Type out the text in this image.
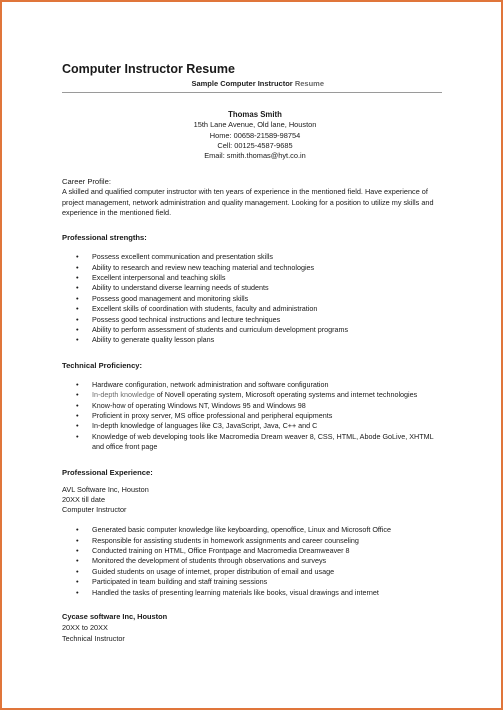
Computer Instructor Resume
Sample Computer Instructor Resume
Thomas Smith
15th Lane Avenue, Old lane, Houston
Home: 00658-21589-98754
Cell: 00125-4587-9685
Email: smith.thomas@hyt.co.in
Career Profile:
A skilled and qualified computer instructor with ten years of experience in the mentioned field. Have experience of project management, network administration and quality management. Looking for a position to utilize my skills and experience in the mentioned field.
Professional strengths:
• Possess excellent communication and presentation skills
• Ability to research and review new teaching material and technologies
• Excellent interpersonal and teaching skills
• Ability to understand diverse learning needs of students
• Possess good management and monitoring skills
• Excellent skills of coordination with students, faculty and administration
• Possess good technical instructions and lecture techniques
• Ability to perform assessment of students and curriculum development programs
• Ability to generate quality lesson plans
Technical Proficiency:
• Hardware configuration, network administration and software configuration
• In-depth knowledge of Novell operating system, Microsoft operating systems and internet technologies
• Know-how of operating Windows NT, Windows 95 and Windows 98
• Proficient in proxy server, MS office professional and peripheral equipments
• In-depth knowledge of languages like C3, JavaScript, Java, C++ and C
• Knowledge of web developing tools like Macromedia Dream weaver 8, CSS, HTML, Abode GoLive, XHTML and office front page
Professional Experience:
AVL Software Inc, Houston
20XX till date
Computer Instructor
• Generated basic computer knowledge like keyboarding, openoffice, Linux and Microsoft Office
• Responsible for assisting students in homework assignments and career counseling
• Conducted training on HTML, Office Frontpage and Macromedia Dreamweaver 8
• Monitored the development of students through observations and surveys
• Guided students on usage of internet, proper distribution of email and usage
• Participated in team building and staff training sessions
• Handled the tasks of presenting learning materials like books, visual drawings and internet
Cycase software Inc, Houston
20XX to 20XX
Technical Instructor
